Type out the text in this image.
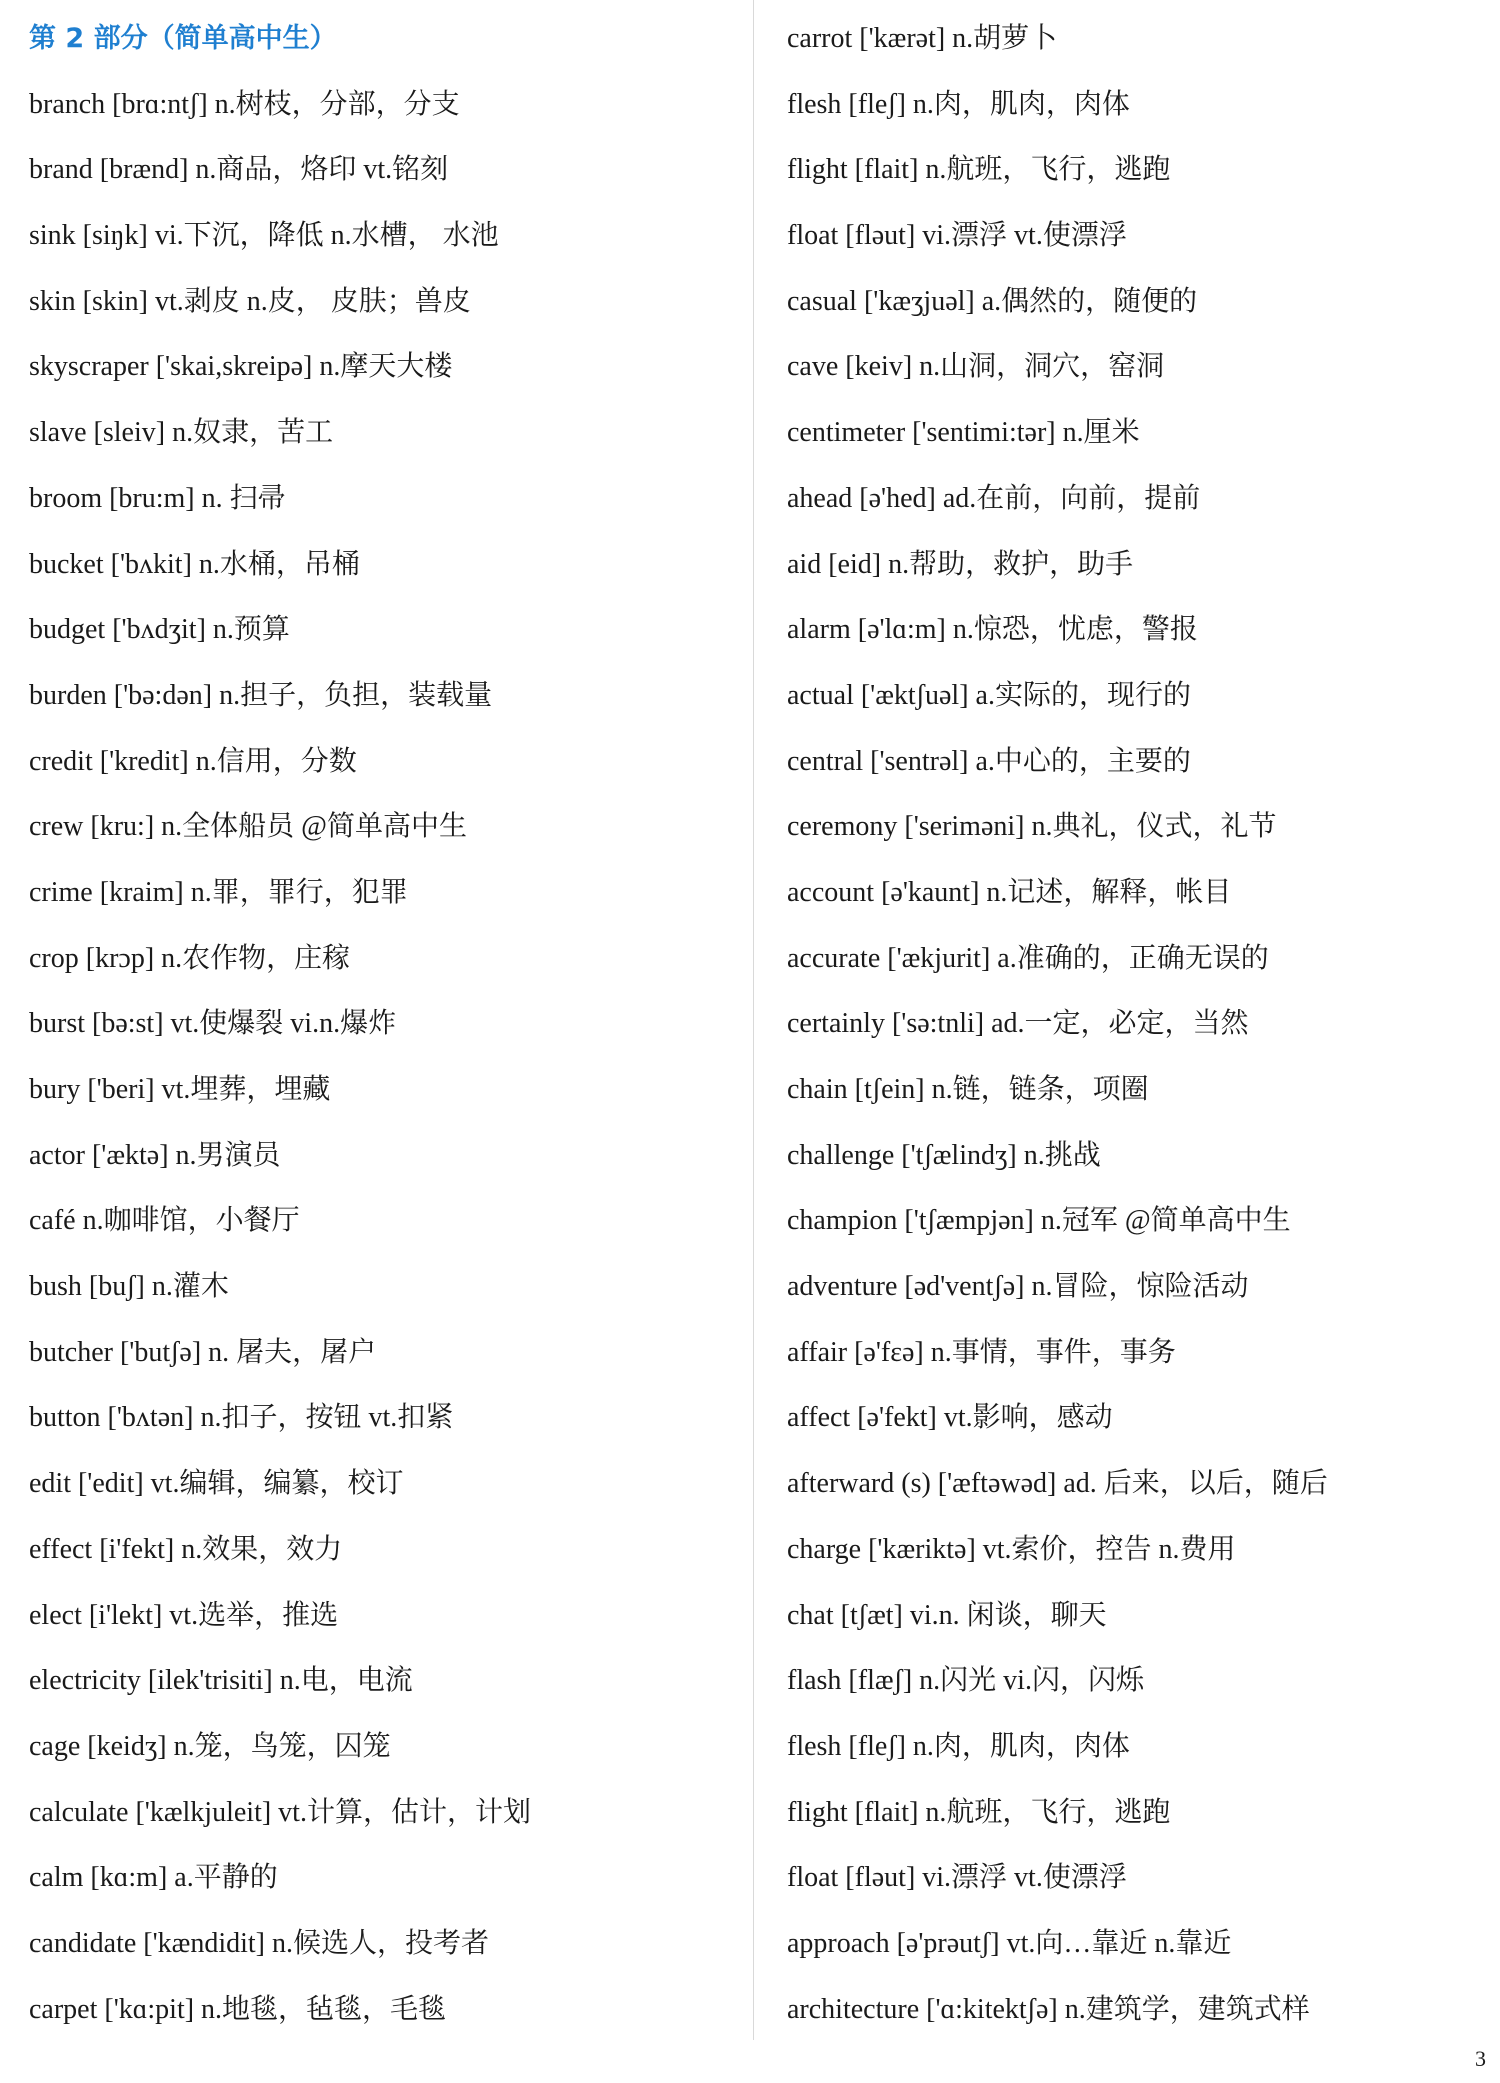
第 2 部分（简单高中生）
branch [brɑ:ntʃ] n.树枝，分部，分支
brand [brænd] n.商品，烙印 vt.铭刻
sink [siŋk] vi.下沉，降低 n.水槽， 水池
skin [skin] vt.剥皮 n.皮， 皮肤；兽皮
skyscraper ['skai,skreipə] n.摩天大楼
slave [sleiv] n.奴隶，苦工
broom [bru:m] n. 扫帚
bucket ['bʌkit] n.水桶，吊桶
budget ['bʌdʒit] n.预算
burden ['bə:dən] n.担子，负担，装载量
credit ['kredit] n.信用，分数
crew [kru:] n.全体船员 @简单高中生
crime [kraim] n.罪，罪行，犯罪
crop [krɔp] n.农作物，庄稼
burst [bə:st] vt.使爆裂 vi.n.爆炸
bury ['beri] vt.埋葬，埋藏
actor ['æktə] n.男演员
café n.咖啡馆，小餐厅
bush [buʃ] n.灌木
butcher ['butʃə] n. 屠夫，屠户
button ['bʌtən] n.扣子，按钮 vt.扣紧
edit ['edit] vt.编辑，编纂，校订
effect [i'fekt] n.效果，效力
elect [i'lekt] vt.选举，推选
electricity [ilek'trisiti] n.电，电流
cage [keidʒ] n.笼，鸟笼，囚笼
calculate ['kælkjuleit] vt.计算，估计，计划
calm [kɑ:m] a.平静的
candidate ['kændidit] n.候选人，投考者
carpet ['kɑ:pit] n.地毯，毡毯，毛毯
carrot ['kærət] n.胡萝卜
flesh [fleʃ] n.肉，肌肉，肉体
flight [flait] n.航班，飞行，逃跑
float [fləut] vi.漂浮 vt.使漂浮
casual ['kæʒjuəl] a.偶然的，随便的
cave [keiv] n.山洞，洞穴，窑洞
centimeter ['sentimi:tər] n.厘米
ahead [ə'hed] ad.在前，向前，提前
aid [eid] n.帮助，救护，助手
alarm [ə'lɑ:m] n.惊恐，忧虑，警报
actual ['æktʃuəl] a.实际的，现行的
central ['sentrəl] a.中心的，主要的
ceremony ['seriməni] n.典礼，仪式，礼节
account [ə'kaunt] n.记述，解释，帐目
accurate ['ækjurit] a.准确的，正确无误的
certainly ['sə:tnli] ad.一定，必定，当然
chain [tʃein] n.链，链条，项圈
challenge ['tʃælindʒ] n.挑战
champion ['tʃæmpjən] n.冠军 @简单高中生
adventure [əd'ventʃə] n.冒险，惊险活动
affair [ə'fɛə] n.事情，事件，事务
affect [ə'fekt] vt.影响，感动
afterward (s) ['æftəwəd] ad. 后来，以后，随后
charge ['kæriktə] vt.索价，控告 n.费用
chat [tʃæt] vi.n. 闲谈，聊天
flash [flæʃ] n.闪光 vi.闪，闪烁
flesh [fleʃ] n.肉，肌肉，肉体
flight [flait] n.航班，飞行，逃跑
float [fləut] vi.漂浮 vt.使漂浮
approach [ə'prəutʃ] vt.向…靠近 n.靠近
architecture ['ɑ:kitektʃə] n.建筑学，建筑式样
3
